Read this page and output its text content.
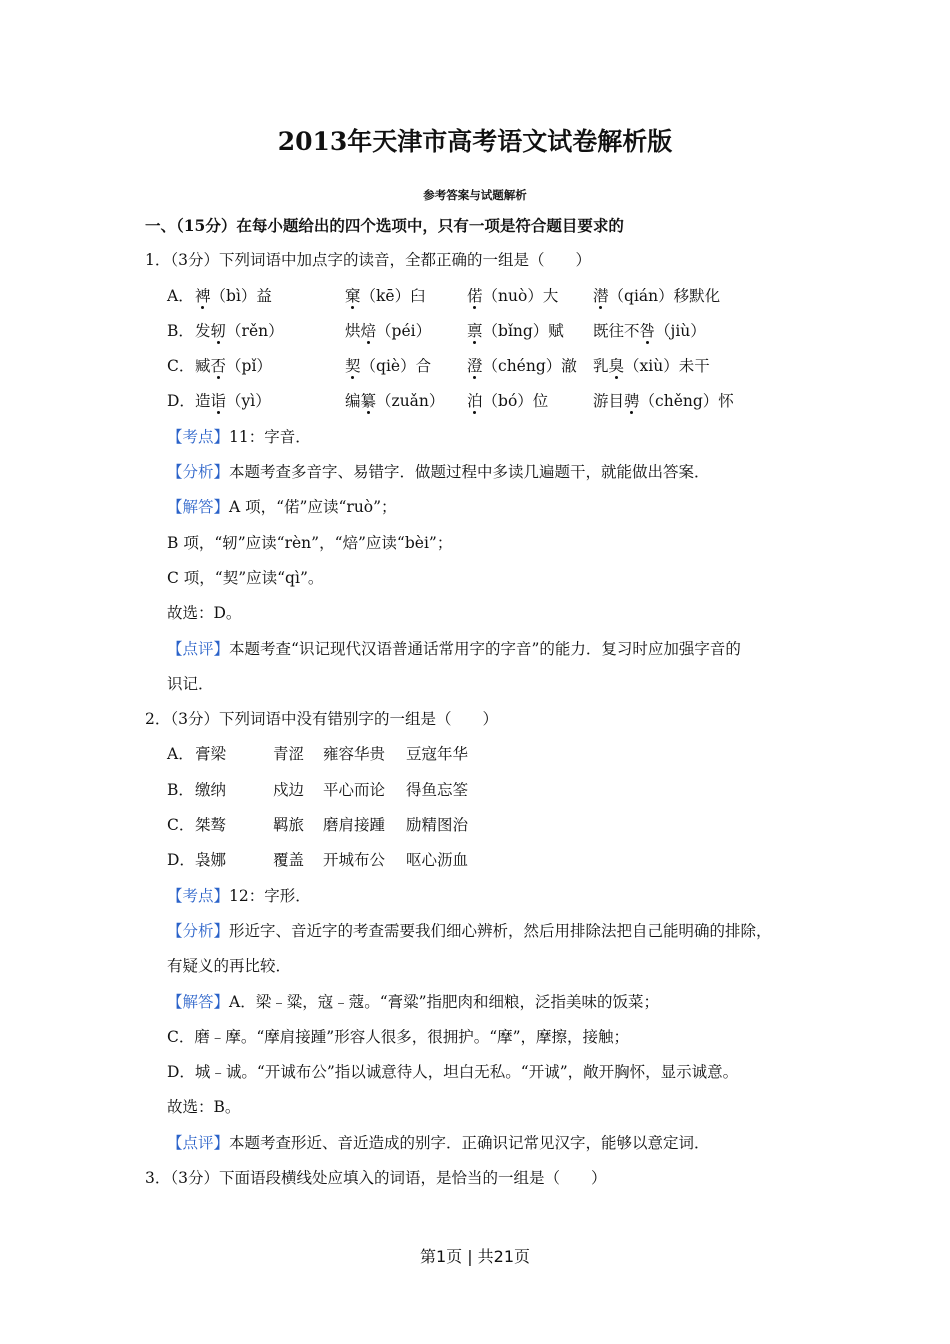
2013年天津市高考语文试卷解析版
参考答案与试题解析
一、（15分）在每小题给出的四个选项中，只有一项是符合题目要求的
1．（3分）下列词语中加点字的读音，全都正确的一组是（　　）
A． 裨（bì）益	窠（kē）臼	偌（nuò）大	潜（qián）移默化
B． 发轫（rěn）	烘焙（péi）	禀（bǐng）赋	既往不咎（jiù）
C． 臧否（pǐ）	契（qiè）合	澄（chéng）澈	乳臭（xiù）未干
D． 造诣（yì）	编纂（zuǎn）	泊（bó）位	游目骋（chěng）怀
【考点】11：字音．
【分析】本题考查多音字、易错字．做题过程中多读几遍题干，就能做出答案．
【解答】A 项，“偌”应读“ruò”；
B 项，“轫”应读“rèn”，“焙”应读“bèi”；
C 项，“契”应读“qì”。
故选：D。
【点评】本题考查“识记现代汉语普通话常用字的字音”的能力．复习时应加强字音的
识记．
2．（3分）下列词语中没有错别字的一组是（　　）
A． 膏梁	青涩	雍容华贵	豆寇年华
B． 缴纳	戍边	平心而论	得鱼忘筌
C． 桀骜	羁旅	磨肩接踵	励精图治
D． 袅娜	覆盖	开城布公	呕心沥血
【考点】12：字形．
【分析】形近字、音近字的考查需要我们细心辨析，然后用排除法把自己能明确的排除，
有疑义的再比较．
【解答】A．梁﹣粱，寇﹣蔻。“膏粱”指肥肉和细粮，泛指美味的饭菜；
C．磨﹣摩。“摩肩接踵”形容人很多，很拥护。“摩”，摩擦，接触；
D．城﹣诚。“开诚布公”指以诚意待人，坦白无私。“开诚”，敞开胸怀，显示诚意。
故选：B。
【点评】本题考查形近、音近造成的别字．正确识记常见汉字，能够以意定词．
3．（3分）下面语段横线处应填入的词语，是恰当的一组是（　　）
第1页 | 共21页
